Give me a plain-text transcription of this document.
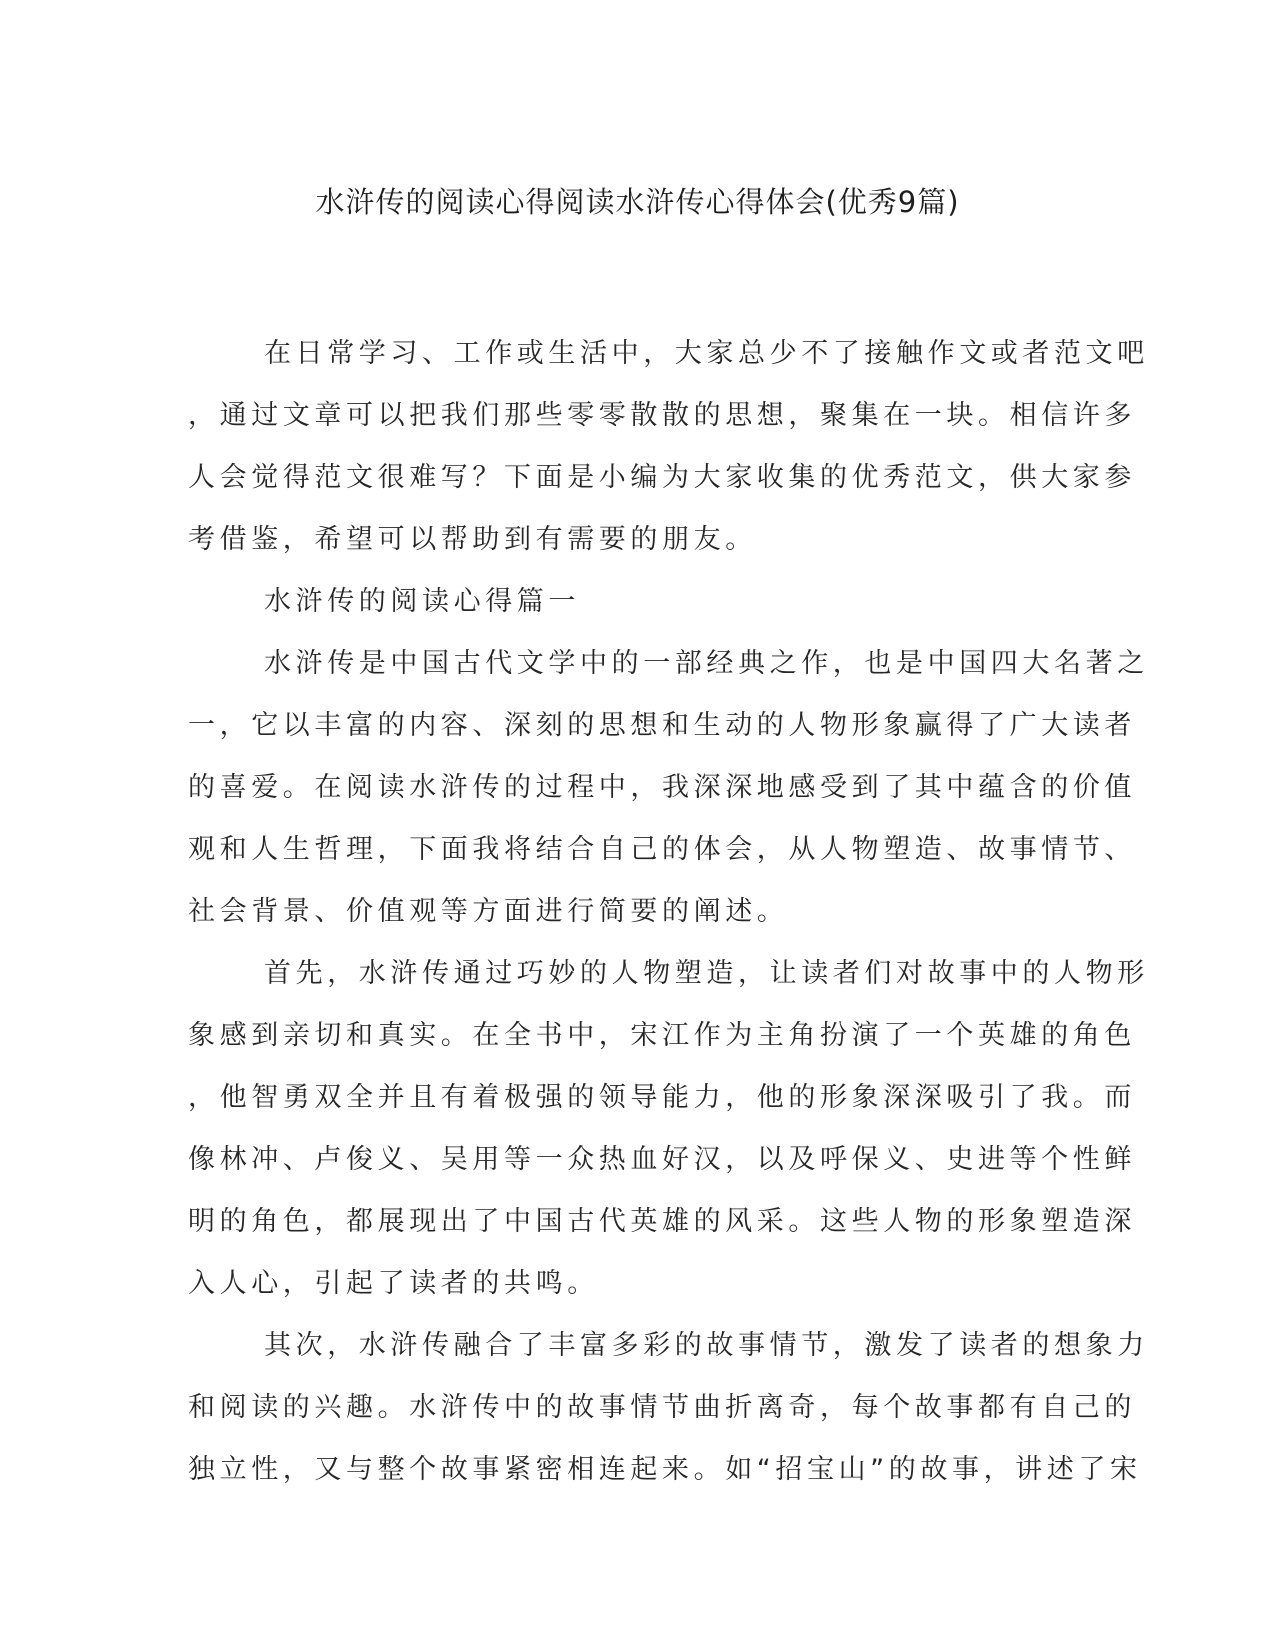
水浒传的阅读心得阅读水浒传心得体会(优秀9篇)
在日常学习、工作或生活中，大家总少不了接触作文或者范文吧
，通过文章可以把我们那些零零散散的思想，聚集在一块。相信许多
人会觉得范文很难写？下面是小编为大家收集的优秀范文，供大家参
考借鉴，希望可以帮助到有需要的朋友。
水浒传的阅读心得篇一
水浒传是中国古代文学中的一部经典之作，也是中国四大名著之
一，它以丰富的内容、深刻的思想和生动的人物形象赢得了广大读者
的喜爱。在阅读水浒传的过程中，我深深地感受到了其中蕴含的价值
观和人生哲理，下面我将结合自己的体会，从人物塑造、故事情节、
社会背景、价值观等方面进行简要的阐述。
首先，水浒传通过巧妙的人物塑造，让读者们对故事中的人物形
象感到亲切和真实。在全书中，宋江作为主角扮演了一个英雄的角色
，他智勇双全并且有着极强的领导能力，他的形象深深吸引了我。而
像林冲、卢俊义、吴用等一众热血好汉，以及呼保义、史进等个性鲜
明的角色，都展现出了中国古代英雄的风采。这些人物的形象塑造深
入人心，引起了读者的共鸣。
其次，水浒传融合了丰富多彩的故事情节，激发了读者的想象力
和阅读的兴趣。水浒传中的故事情节曲折离奇，每个故事都有自己的
独立性，又与整个故事紧密相连起来。如“招宝山”的故事，讲述了宋
